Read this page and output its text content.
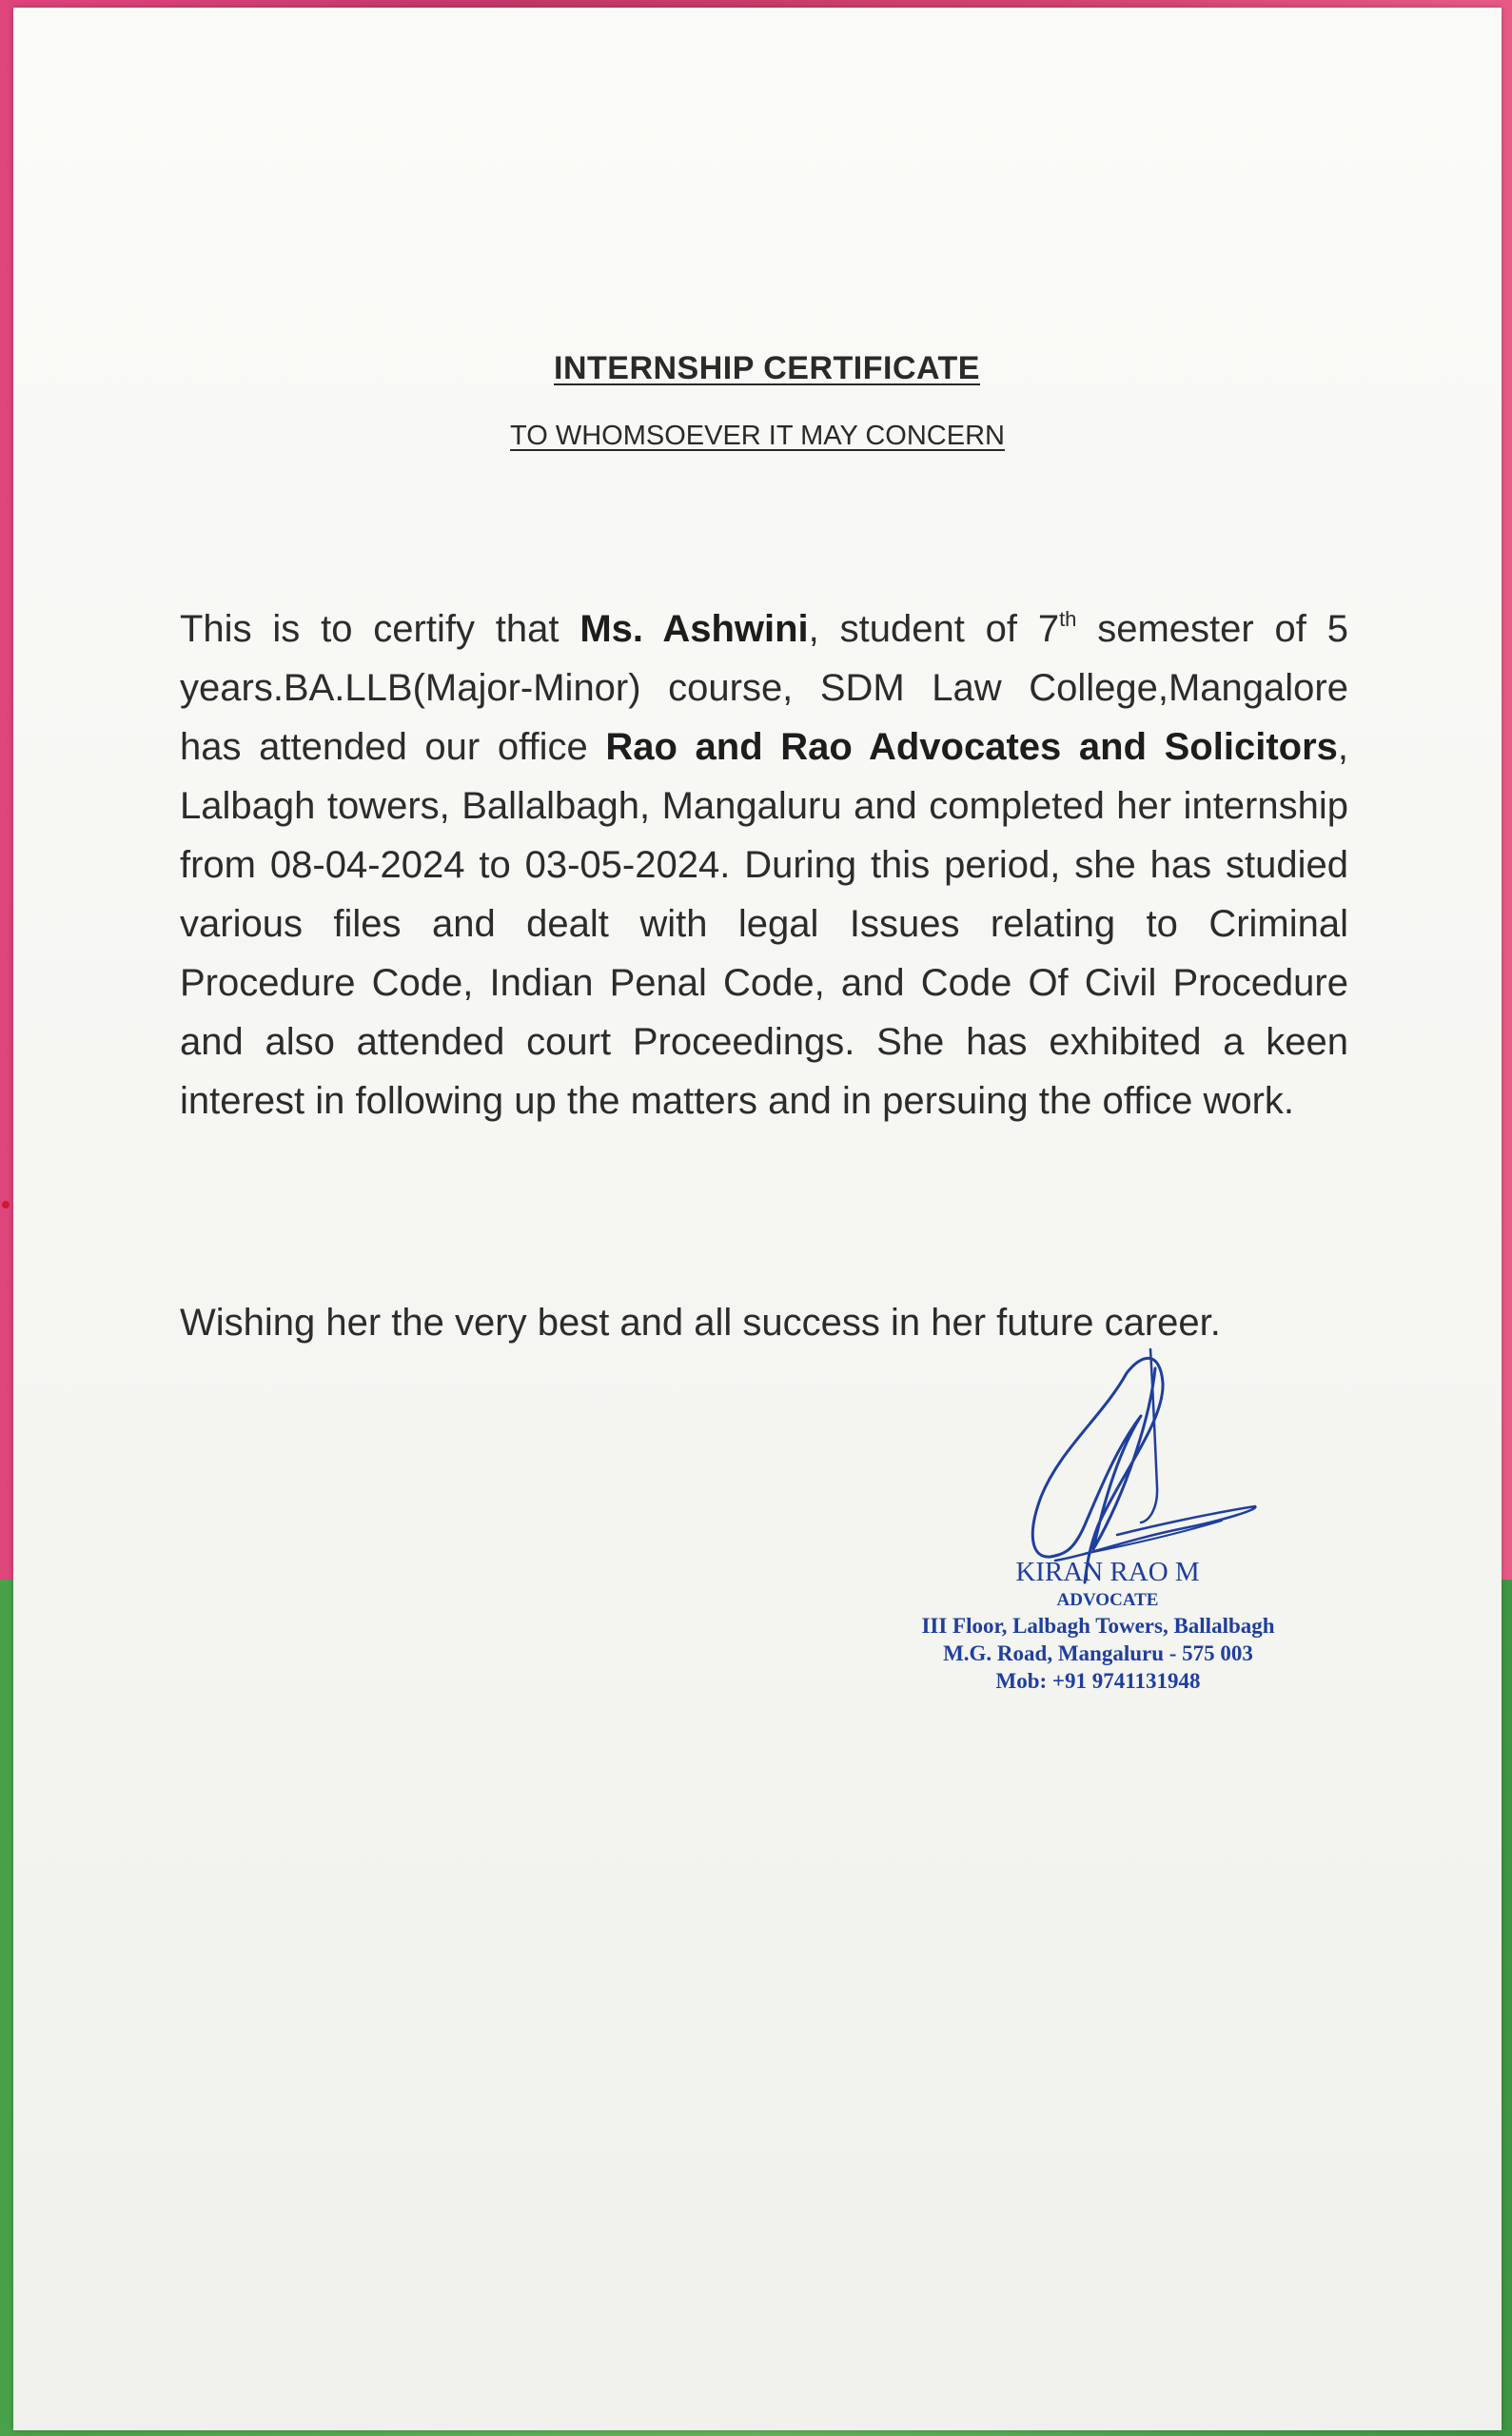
INTERNSHIP CERTIFICATE
TO WHOMSOEVER IT MAY CONCERN

This is to certify that Ms. Ashwini, student of 7th semester of 5 years.BA.LLB(Major-Minor) course, SDM Law College,Mangalore has attended our office Rao and Rao Advocates and Solicitors, Lalbagh towers, Ballalbagh, Mangaluru and completed her internship from 08-04-2024 to 03-05-2024. During this period, she has studied various files and dealt with legal Issues relating to Criminal Procedure Code, Indian Penal Code, and Code Of Civil Procedure and also attended court Proceedings. She has exhibited a keen interest in following up the matters and in persuing the office work.

Wishing her the very best and all success in her future career.

KIRAN RAO M
ADVOCATE
III Floor, Lalbagh Towers, Ballalbagh
M.G. Road, Mangaluru - 575 003
Mob: +91 9741131948
